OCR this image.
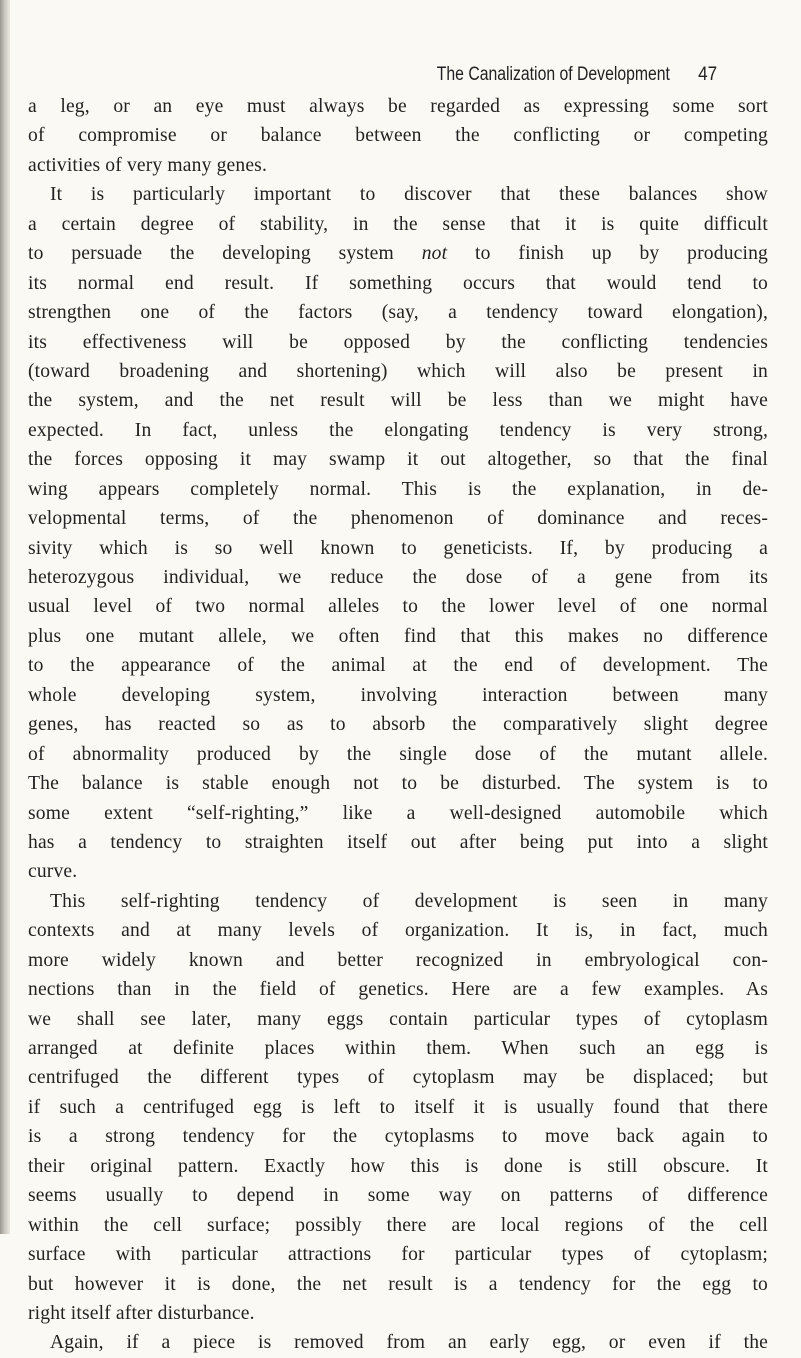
The Canalization of Development 47
a leg, or an eye must always be regarded as expressing some sort
of compromise or balance between the conflicting or competing
activities of very many genes.
It is particularly important to discover that these balances show
a certain degree of stability, in the sense that it is quite difficult
to persuade the developing system not to finish up by producing
its normal end result. If something occurs that would tend to
strengthen one of the factors (say, a tendency toward elongation),
its effectiveness will be opposed by the conflicting tendencies
(toward broadening and shortening) which will also be present in
the system, and the net result will be less than we might have
expected. In fact, unless the elongating tendency is very strong,
the forces opposing it may swamp it out altogether, so that the final
wing appears completely normal. This is the explanation, in de-
velopmental terms, of the phenomenon of dominance and reces-
sivity which is so well known to geneticists. If, by producing a
heterozygous individual, we reduce the dose of a gene from its
usual level of two normal alleles to the lower level of one normal
plus one mutant allele, we often find that this makes no difference
to the appearance of the animal at the end of development. The
whole developing system, involving interaction between many
genes, has reacted so as to absorb the comparatively slight degree
of abnormality produced by the single dose of the mutant allele.
The balance is stable enough not to be disturbed. The system is to
some extent “self-righting,” like a well-designed automobile which
has a tendency to straighten itself out after being put into a slight
curve.
This self-righting tendency of development is seen in many
contexts and at many levels of organization. It is, in fact, much
more widely known and better recognized in embryological con-
nections than in the field of genetics. Here are a few examples. As
we shall see later, many eggs contain particular types of cytoplasm
arranged at definite places within them. When such an egg is
centrifuged the different types of cytoplasm may be displaced; but
if such a centrifuged egg is left to itself it is usually found that there
is a strong tendency for the cytoplasms to move back again to
their original pattern. Exactly how this is done is still obscure. It
seems usually to depend in some way on patterns of difference
within the cell surface; possibly there are local regions of the cell
surface with particular attractions for particular types of cytoplasm;
but however it is done, the net result is a tendency for the egg to
right itself after disturbance.
Again, if a piece is removed from an early egg, or even if the
